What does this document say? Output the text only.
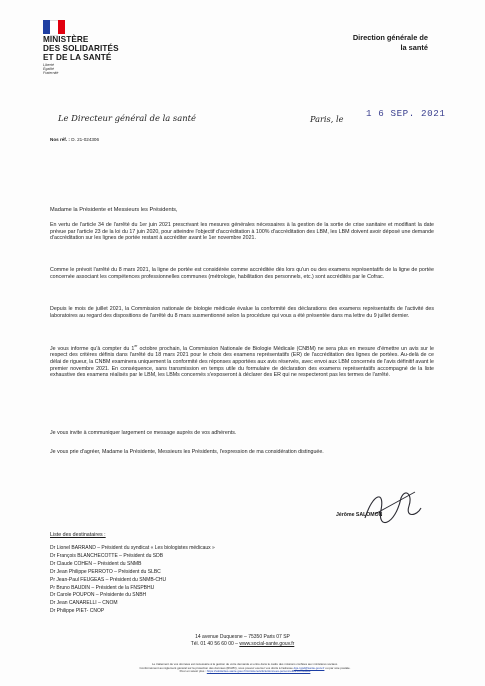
MINISTÈRE
DES SOLIDARITÉS
ET DE LA SANTÉ
Liberté
Égalité
Fraternité
Direction générale de
la santé
Le Directeur général de la santé	Paris, le 1 6 SEP. 2021
Nos réf. : D. 21-024306
Madame la Présidente et Messieurs les Présidents,
En vertu de l'article 34 de l'arrêté du 1er juin 2021 prescrivant les mesures générales nécessaires à la gestion de la sortie de crise sanitaire et modifiant la date prévue par l'article 23 de la loi du 17 juin 2020, pour atteindre l'objectif d'accréditation à 100% d'accréditation des LBM, les LBM doivent avoir déposé une demande d'accréditation sur les lignes de portée restant à accréditer avant le 1er novembre 2021.
Comme le prévoit l'arrêté du 8 mars 2021, la ligne de portée est considérée comme accréditée dès lors qu'un ou des examens représentatifs de la ligne de portée concernée associant les compétences professionnelles communes (métrologie, habilitation des personnels, etc.) sont accrédités par le Cofrac.
Depuis le mois de juillet 2021, la Commission nationale de biologie médicale évalue la conformité des déclarations des examens représentatifs de l'activité des laboratoires au regard des dispositions de l'arrêté du 8 mars susmentionné selon la procédure qui vous a été présentée dans ma lettre du 9 juillet dernier.
Je vous informe qu'à compter du 1er octobre prochain, la Commission Nationale de Biologie Médicale (CNBM) ne sera plus en mesure d'émettre un avis sur le respect des critères définis dans l'arrêté du 18 mars 2021 pour le choix des examens représentatifs (ER) de l'accréditation des lignes de portées. Au-delà de ce délai de rigueur, la CNBM examinera uniquement la conformité des réponses apportées aux avis réservés, avec envoi aux LBM concernés de l'avis définitif avant le premier novembre 2021. En conséquence, sans transmission en temps utile du formulaire de déclaration des examens représentatifs accompagné de la liste exhaustive des examens réalisés par le LBM, les LBMs concernés s'exposeront à déclarer des ER qui ne respecteront pas les termes de l'arrêté.
Je vous invite à communiquer largement ce message auprès de vos adhérents.
Je vous prie d'agréer, Madame la Présidente, Messieurs les Présidents, l'expression de ma considération distinguée.
Jérôme SALOMON
Liste des destinataires :
Dr Lionel BARRAND – Président du syndicat « Les biologistes médicaux »
Dr François BLANCHECOTTE – Président du SDB
Dr Claude COHEN – Président du SNMB
Dr Jean Philippe PERROTO – Président du SLBC
Pr Jean-Paul FEUGEAS – Président du SNMB-CHU
Pr Bruno BAUDIN – Président de la FNSPBHU
Dr Carole POUPON – Présidente du SNBH
Dr Jean CANARELLI – CNOM
Dr Philippe PIET- CNOP
14 avenue Duquesne – 75350 Paris 07 SP
Tél. 01 40 56 60 00 – www.social-sante.gouv.fr
Le traitement de vos données est nécessaire à la gestion de votre demande et entre dans le cadre des missions confiées aux ministères sociaux.
Conformément au règlement général sur la protection des données (RGPD), vous pouvez exercer vos droits à l'adresse dgs-rgpd@sante.gouv.fr ou par voie postale.
Pour en savoir plus : https://solidarites-sante.gouv.fr/ministere/article/donnees-personnelles-et-cookies
